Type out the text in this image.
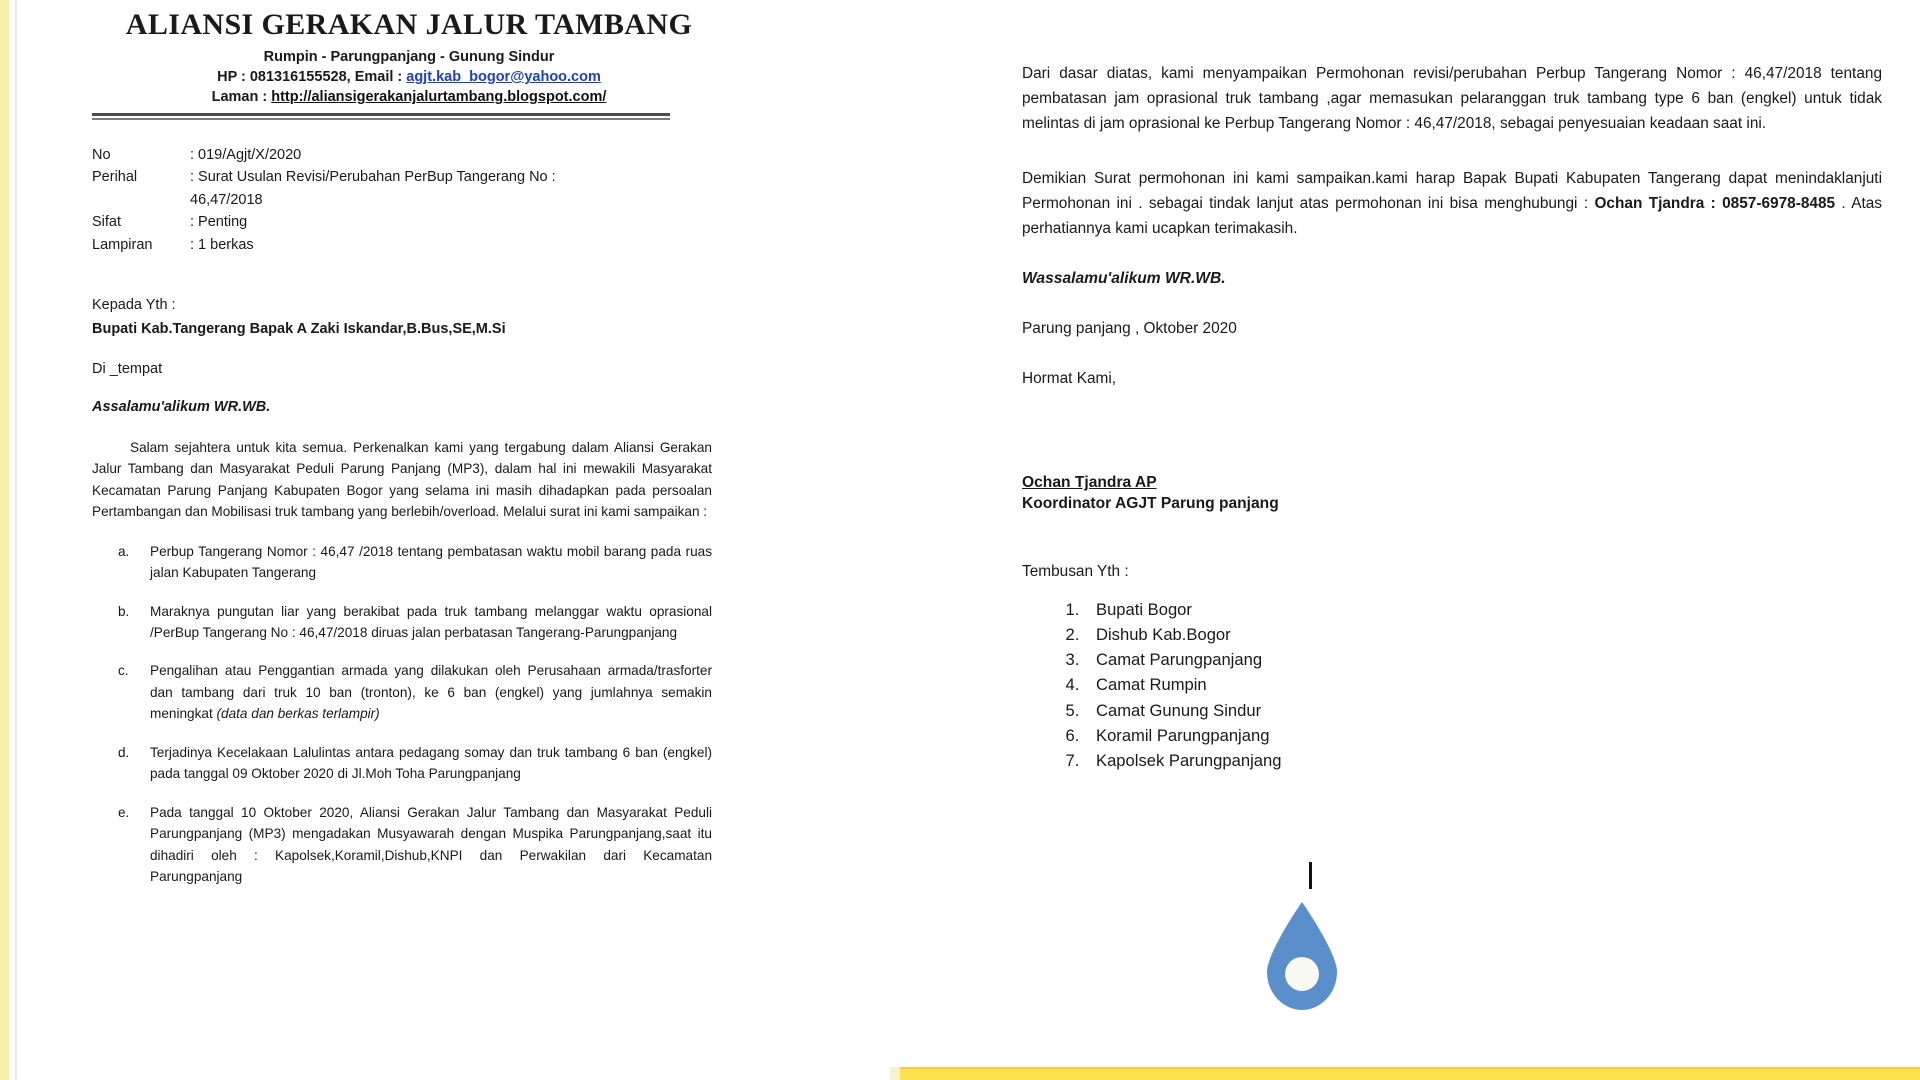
ALIANSI GERAKAN JALUR TAMBANG
Rumpin - Parungpanjang - Gunung Sindur
HP : 081316155528, Email : agjt.kab_bogor@yahoo.com
Laman : http://aliansigerakanjalurtambang.blogspot.com/
No	: 019/Agjt/X/2020
Perihal	: Surat Usulan Revisi/Perubahan PerBup Tangerang No :
46,47/2018
Sifat	: Penting
Lampiran	: 1 berkas
Kepada Yth :
Bupati Kab.Tangerang Bapak A Zaki Iskandar,B.Bus,SE,M.Si
Di _tempat
Assalamu'alikum WR.WB.
Salam sejahtera untuk kita semua. Perkenalkan kami yang tergabung dalam Aliansi Gerakan Jalur Tambang dan Masyarakat Peduli Parung Panjang (MP3), dalam hal ini mewakili Masyarakat Kecamatan Parung Panjang Kabupaten Bogor yang selama ini masih dihadapkan pada persoalan Pertambangan dan Mobilisasi truk tambang yang berlebih/overload. Melalui surat ini kami sampaikan :
a. Perbup Tangerang Nomor : 46,47 /2018 tentang pembatasan waktu mobil barang pada ruas jalan Kabupaten Tangerang
b. Maraknya pungutan liar yang berakibat pada truk tambang melanggar waktu oprasional /PerBup Tangerang No : 46,47/2018 diruas jalan perbatasan Tangerang-Parungpanjang
c. Pengalihan atau Penggantian armada yang dilakukan oleh Perusahaan armada/trasforter dan tambang dari truk 10 ban (tronton), ke 6 ban (engkel) yang jumlahnya semakin meningkat (data dan berkas terlampir)
d. Terjadinya Kecelakaan Lalulintas antara pedagang somay dan truk tambang 6 ban (engkel) pada tanggal 09 Oktober 2020 di Jl.Moh Toha Parungpanjang
e. Pada tanggal 10 Oktober 2020, Aliansi Gerakan Jalur Tambang dan Masyarakat Peduli Parungpanjang (MP3) mengadakan Musyawarah dengan Muspika Parungpanjang,saat itu dihadiri oleh : Kapolsek,Koramil,Dishub,KNPI dan Perwakilan dari Kecamatan Parungpanjang
Dari dasar diatas, kami menyampaikan Permohonan revisi/perubahan Perbup Tangerang Nomor : 46,47/2018 tentang pembatasan jam oprasional truk tambang ,agar memasukan pelaranggan truk tambang type 6 ban (engkel) untuk tidak melintas di jam oprasional ke Perbup Tangerang Nomor : 46,47/2018, sebagai penyesuaian keadaan saat ini.
Demikian Surat permohonan ini kami sampaikan.kami harap Bapak Bupati Kabupaten Tangerang dapat menindaklanjuti Permohonan ini . sebagai tindak lanjut atas permohonan ini bisa menghubungi : Ochan Tjandra : 0857-6978-8485 . Atas perhatiannya kami ucapkan terimakasih.
Wassalamu'alikum WR.WB.
Parung panjang , Oktober 2020
Hormat Kami,
Ochan Tjandra AP
Koordinator AGJT Parung panjang
Tembusan Yth :
1. Bupati Bogor
2. Dishub Kab.Bogor
3. Camat Parungpanjang
4. Camat Rumpin
5. Camat Gunung Sindur
6. Koramil Parungpanjang
7. Kapolsek Parungpanjang
